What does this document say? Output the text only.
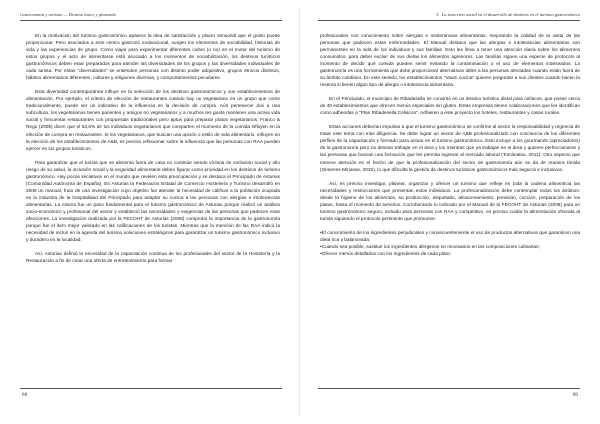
Gastronomía y turismo — Destino único y planeado

En la motivación del turismo gastronómico aparece la idea de satisfacción y placer sensorial que el gusto puede proporcionar. Pero asociados a este centro gastronó motivacional, surgen los elementos de sociabilidad, historias de vida y las experiencias de grupo. Como viajar para experimentar diferentes cultos (o no) en el motor del turismo de estos grupos y el acto de alimentarse está asociado a los momentos de sociabilización, los destinos turísticos gastronómicos deben estar preparados para atender las diversidades de los grupos y las diversidades individuales de cada turista. Por estas "diversidades" se entienden personas con distinto poder adquisitivo, grupos étnicos distintos, hábitos alimentarios diferentes, culturas y religiones diversas, y comportamientos peculiares.

Esta diversidad contemporánea influye en la selección de los destinos gastronómicos y sus establecimientos de alimentación. Por ejemplo, el criterio de elección de restaurantes cuando hay un vegetariano en un grupo que come tradicionalmente, puede ser un indicativo de la influencia en la decisión de compra. Aún pertenecer dos a una subcultura, los vegetarianos tienen parientes y amigos no vegetarianos y a muchos les gusta mantener una activa vida social y frecuentar restaurantes con propuestas tradicionales pero aptos para preparar platos vegetarianos. Franco & Rego (2005) dicen que el 63,6% de los individuos vegetarianos que comparten el momento de la comida influyen en la elección de compra en restaurantes. Si los vegetarianos, que buscan una opción o estilo de vida alimentario, influyen en la elección de los establecimientos de A&B, es preciso reflexionar sobre la influencia que las personas con RAA pueden ejercer en los grupos turísticos.

Para garantizar que el turista que se alimenta fuera de casa no continúe siendo víctima de exclusión social y ello riesgo de su salud, la inclusión social y la seguridad alimentaria deben figurar como prioridad en los destinos de turismo gastronómico. Hay pocas iniciativas en el mundo que revelen esta preocupación y se destaca el Principado de Asturias (Comunidad Autónoma de España). En Asturias la Federación Estatal de Comercio Hostelería y Turismo desarrolló en 2008 un manual, fruto de una investigación cuyo objetivo fue atender la necesidad de calificar a la población ocupada en la industria de la hospitalidad del Principado para adaptar su cocina a las personas con alergias e intolerancias alimentarias. La misma fue un paso fundamental para el turismo gastronómico de Asturias porque realizó un análisis socio-económico y profesional del sector y estableció las necesidades y exigencias de las personas que padecen esas afecciones. La investigación realizada por la FECOHT de Asturias (2008) comprobó la importancia de la gastronomía porque fue el ítem mejor valorado en las calificaciones de los turistas. Mientras que la mención de las RAA indicó la necesidad de incluir en la agenda del turismo soluciones estratégicas para garantizar un turismo gastronómico inclusivo y duradero en la localidad.

Así, Asturias definió la necesidad de la capacitación continua de los profesionales del sector de la Hostelería y la Restauración a fin de crear una oferta de entretenimiento para formar

88
5 · La inserción social en el desarrollo de destinos en el turismo gastronómico

profesionales con conocimiento sobre alergias e intolerancias alimentarias, mejorando la calidad de la visita de las personas que padecen estas enfermedades. El Manual destaca que las alergias e intolerancias alimentarias son permanentes en la vida de los individuos y sus familias. Esto les lleva a tener una atención diaria sobre los alimentos consumidos, para deber excluir de sus dietas los alimentos agresores. Las familias siguen una especie de protocolo al momento de decidir qué comida pueden servir evitando la contaminación o el uso de elementos indeseados. La gastronomía es una herramienta que debe proporcionar alternativas útiles a las personas afectadas cuando están fuera de su ámbito cotidiano. En este sentido, los establecimientos "Vaum cocina" quieren preguntar a sus clientes cuando hacen la reserva si tienen algún tipo de alergia o intolerancia alimentaria.

En el Principado, el municipio de Ribadesella se convirtió en un destino turístico distal para celíacos, que posee cerca de 40 establecimientos que ofrecen menús especiales sin gluten. Estas empresas tienen colaboraciones que les identifican como adheridas a "Plan Ribadesella Celiacos". Adhieren a este proyecto los hoteles, restaurantes y casas rurales.

Estas acciones deberían impulsar a que el turismo gastronómico se confirme al sector la responsabilidad y urgencia de tratar este tema con más diligencia. Se debe lograr un sector de A&B profesionalizado con conciencia de los diferentes perfiles de la capacitación y formado para actuar en el turismo gastronómico. Esto incluye a los gourmands (apreciadores) de la gastronomía pero no desean trabajar en el área y los mientras que ya trabajan en el área y quieren perfeccionarse y las personas que buscan una formación que les permita ingresar al mercado laboral (Tomiinatsu, 2011). Otro aspecto que merece atención es el hecho de que la profesionalización del sector de gastronomía aún se da de manera tímida (Gimenes-Minasse, 2015), lo que dificulta la gestión de destinos turísticos gastronómicos más seguros e inclusivos.

Así, es preciso investigar, planear, organizar y ofrecer un turismo que refleje en toda la cadena alimenticia las necesidades y restricciones que presentan estos individuos. La profesionalización debe contemplar todos los ámbitos: desde la higiene de los alimentos, su producción, etiquetado, almacenamiento, previsión, cocción, preparación de los platos, hasta el momento de servirlos. Corroborando lo indicado por el Manual de la FECOHT de Asturias (2008) para un turismo gastronómico seguro, incluido para personas con RAA y competitivo, es preciso cuidar la alimentación ofrecida al turista siguiendo el protocolo pertinente que promueve:

•El conocimiento de los ingredientes perjudiciales y consecuentemente el uso de productos alternativos que garanticen una dieta rica y balanceada;

•Cuando sea posible, sustituir los ingredientes alérgenos no necesarios en las composiciones culinarias;

•Ofrecer menús detallados con los ingredientes de cada plato;

89
